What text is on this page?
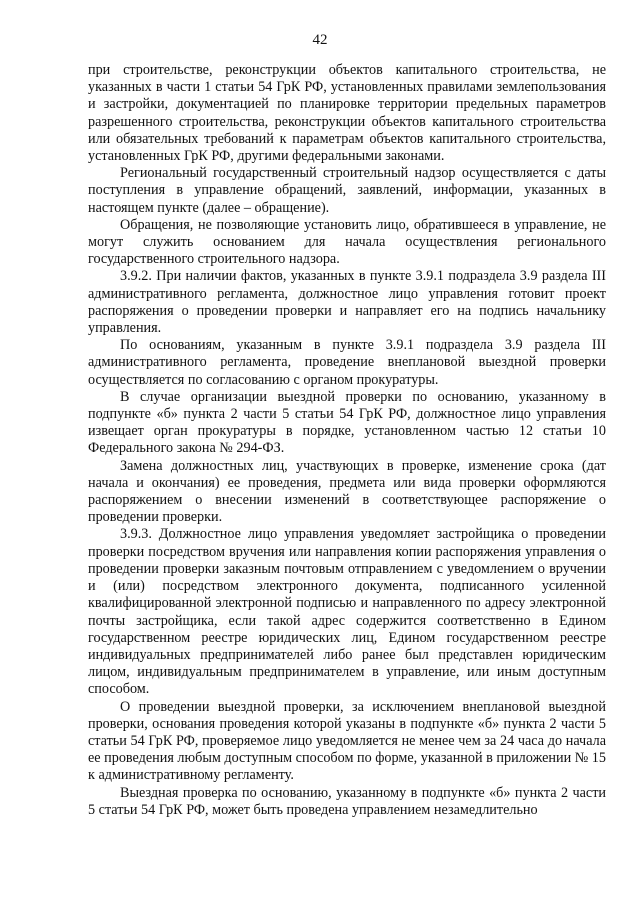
42

при строительстве, реконструкции объектов капитального строительства, не указанных в части 1 статьи 54 ГрК РФ, установленных правилами землепользования и застройки, документацией по планировке территории предельных параметров разрешенного строительства, реконструкции объектов капитального строительства или обязательных требований к параметрам объектов капитального строительства, установленных ГрК РФ, другими федеральными законами.

Региональный государственный строительный надзор осуществляется с даты поступления в управление обращений, заявлений, информации, указанных в настоящем пункте (далее – обращение).

Обращения, не позволяющие установить лицо, обратившееся в управление, не могут служить основанием для начала осуществления регионального государственного строительного надзора.

3.9.2. При наличии фактов, указанных в пункте 3.9.1 подраздела 3.9 раздела III административного регламента, должностное лицо управления готовит проект распоряжения о проведении проверки и направляет его на подпись начальнику управления.

По основаниям, указанным в пункте 3.9.1 подраздела 3.9 раздела III административного регламента, проведение внеплановой выездной проверки осуществляется по согласованию с органом прокуратуры.

В случае организации выездной проверки по основанию, указанному в подпункте «б» пункта 2 части 5 статьи 54 ГрК РФ, должностное лицо управления извещает орган прокуратуры в порядке, установленном частью 12 статьи 10 Федерального закона № 294-ФЗ.

Замена должностных лиц, участвующих в проверке, изменение срока (дат начала и окончания) ее проведения, предмета или вида проверки оформляются распоряжением о внесении изменений в соответствующее распоряжение о проведении проверки.

3.9.3. Должностное лицо управления уведомляет застройщика о проведении проверки посредством вручения или направления копии распоряжения управления о проведении проверки заказным почтовым отправлением с уведомлением о вручении и (или) посредством электронного документа, подписанного усиленной квалифицированной электронной подписью и направленного по адресу электронной почты застройщика, если такой адрес содержится соответственно в Едином государственном реестре юридических лиц, Едином государственном реестре индивидуальных предпринимателей либо ранее был представлен юридическим лицом, индивидуальным предпринимателем в управление, или иным доступным способом.

О проведении выездной проверки, за исключением внеплановой выездной проверки, основания проведения которой указаны в подпункте «б» пункта 2 части 5 статьи 54 ГрК РФ, проверяемое лицо уведомляется не менее чем за 24 часа до начала ее проведения любым доступным способом по форме, указанной в приложении № 15 к административному регламенту.

Выездная проверка по основанию, указанному в подпункте «б» пункта 2 части 5 статьи 54 ГрК РФ, может быть проведена управлением незамедлительно
